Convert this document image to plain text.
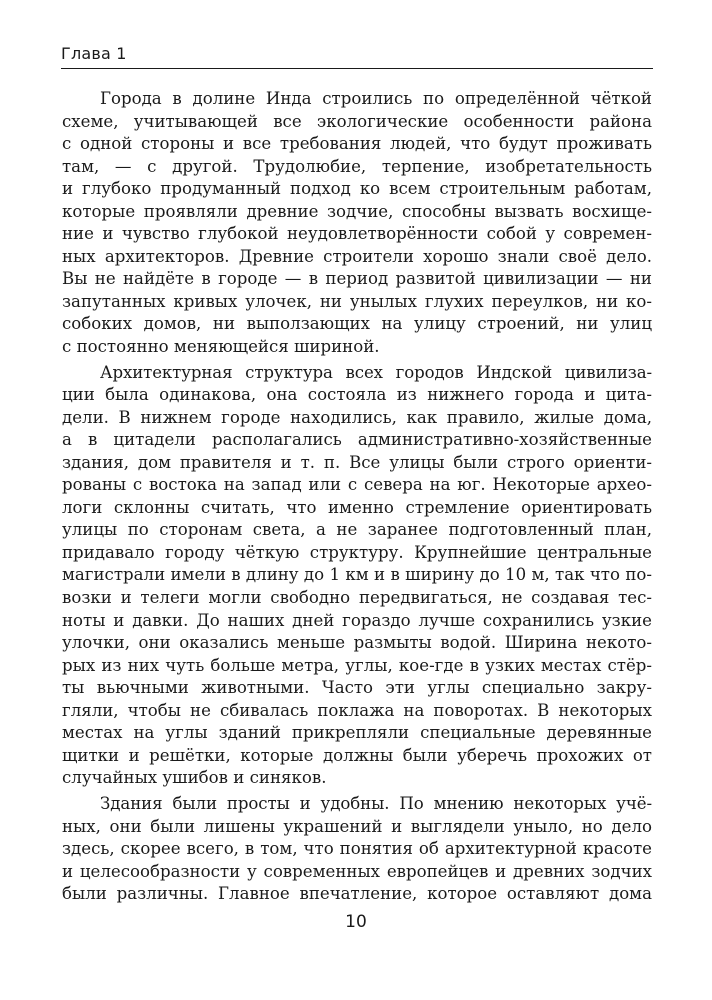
Глава 1

Города в долине Инда строились по определённой чёткой
схеме, учитывающей все экологические особенности района
с одной стороны и все требования людей, что будут проживать
там, — с другой. Трудолюбие, терпение, изобретательность
и глубоко продуманный подход ко всем строительным работам,
которые проявляли древние зодчие, способны вызвать восхище-
ние и чувство глубокой неудовлетворённости собой у современ-
ных архитекторов. Древние строители хорошо знали своё дело.
Вы не найдёте в городе — в период развитой цивилизации — ни
запутанных кривых улочек, ни унылых глухих переулков, ни ко-
собоких домов, ни выползающих на улицу строений, ни улиц
с постоянно меняющейся шириной.

Архитектурная структура всех городов Индской цивилиза-
ции была одинакова, она состояла из нижнего города и цита-
дели. В нижнем городе находились, как правило, жилые дома,
а в цитадели располагались административно-хозяйственные
здания, дом правителя и т. п. Все улицы были строго ориенти-
рованы с востока на запад или с севера на юг. Некоторые архео-
логи склонны считать, что именно стремление ориентировать
улицы по сторонам света, а не заранее подготовленный план,
придавало городу чёткую структуру. Крупнейшие центральные
магистрали имели в длину до 1 км и в ширину до 10 м, так что по-
возки и телеги могли свободно передвигаться, не создавая тес-
ноты и давки. До наших дней гораздо лучше сохранились узкие
улочки, они оказались меньше размыты водой. Ширина некото-
рых из них чуть больше метра, углы, кое-где в узких местах стёр-
ты вьючными животными. Часто эти углы специально закру-
гляли, чтобы не сбивалась поклажа на поворотах. В некоторых
местах на углы зданий прикрепляли специальные деревянные
щитки и решётки, которые должны были уберечь прохожих от
случайных ушибов и синяков.

Здания были просты и удобны. По мнению некоторых учё-
ных, они были лишены украшений и выглядели уныло, но дело
здесь, скорее всего, в том, что понятия об архитектурной красоте
и целесообразности у современных европейцев и древних зодчих
были различны. Главное впечатление, которое оставляют дома

10
